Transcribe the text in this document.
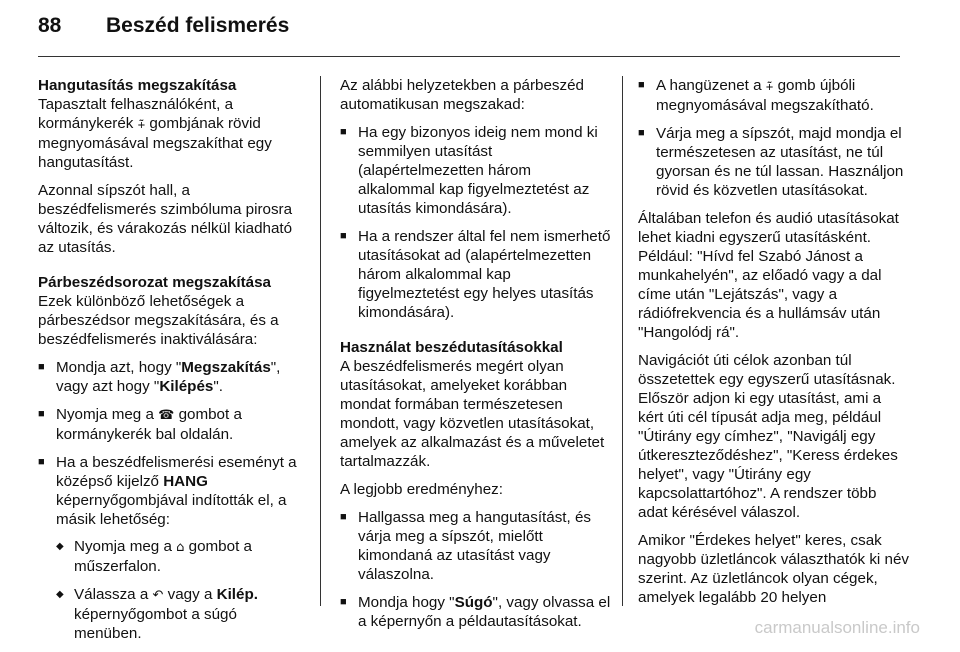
88 Beszéd felismerés
Hangutasítás megszakítása

Tapasztalt felhasználóként, a kormánykerék ⨤ gombjának rövid megnyomásával megszakíthat egy hangutasítást.

Azonnal sípszót hall, a beszédfelismerés szimbóluma pirosra változik, és várakozás nélkül kiadható az utasítás.

Párbeszédsorozat megszakítása

Ezek különböző lehetőségek a párbeszédsor megszakítására, és a beszédfelismerés inaktiválására:

■ Mondja azt, hogy "Megszakítás", vagy azt hogy "Kilépés".
■ Nyomja meg a ☎ gombot a kormánykerék bal oldalán.
■ Ha a beszédfelismerési eseményt a középső kijelző HANG képernyőgombjával indították el, a másik lehetőség:
◆ Nyomja meg a ⌂ gombot a műszerfalon.
◆ Válassza a ↶ vagy a Kilép. képernyőgombot a súgó menüben.

Az alábbi helyzetekben a párbeszéd automatikusan megszakad:

■ Ha egy bizonyos ideig nem mond ki semmilyen utasítást (alapértelmezetten három alkalommal kap figyelmeztetést az utasítás kimondására).
■ Ha a rendszer által fel nem ismerhető utasításokat ad (alapértelmezetten három alkalommal kap figyelmeztetést egy helyes utasítás kimondására).
Használat beszédutasításokkal

A beszédfelismerés megért olyan utasításokat, amelyeket korábban mondat formában természetesen mondott, vagy közvetlen utasításokat, amelyek az alkalmazást és a műveletet tartalmazzák.

A legjobb eredményhez:

■ Hallgassa meg a hangutasítást, és várja meg a sípszót, mielőtt kimondaná az utasítást vagy válaszolna.
■ Mondja hogy "Súgó", vagy olvassa el a képernyőn a példautasításokat.
■ A hangüzenet a ⨤ gomb újbóli megnyomásával megszakítható.
■ Várja meg a sípszót, majd mondja el természetesen az utasítást, ne túl gyorsan és ne túl lassan. Használjon rövid és közvetlen utasításokat.

Általában telefon és audió utasításokat lehet kiadni egyszerű utasításként. Például: "Hívd fel Szabó Jánost a munkahelyén", az előadó vagy a dal címe után "Lejátszás", vagy a rádiófrekvencia és a hullámsáv után "Hangolódj rá".

Navigációt úti célok azonban túl összetettek egy egyszerű utasításnak. Először adjon ki egy utasítást, ami a kért úti cél típusát adja meg, például "Útirány egy címhez", "Navigálj egy útkereszteződéshez", "Keress érdekes helyet", vagy "Útirány egy kapcsolattartóhoz". A rendszer több adat kérésével válaszol.

Amikor "Érdekes helyet" keres, csak nagyobb üzletláncok választhatók ki név szerint. Az üzletláncok olyan cégek, amelyek legalább 20 helyen

carmanualsonline.info
